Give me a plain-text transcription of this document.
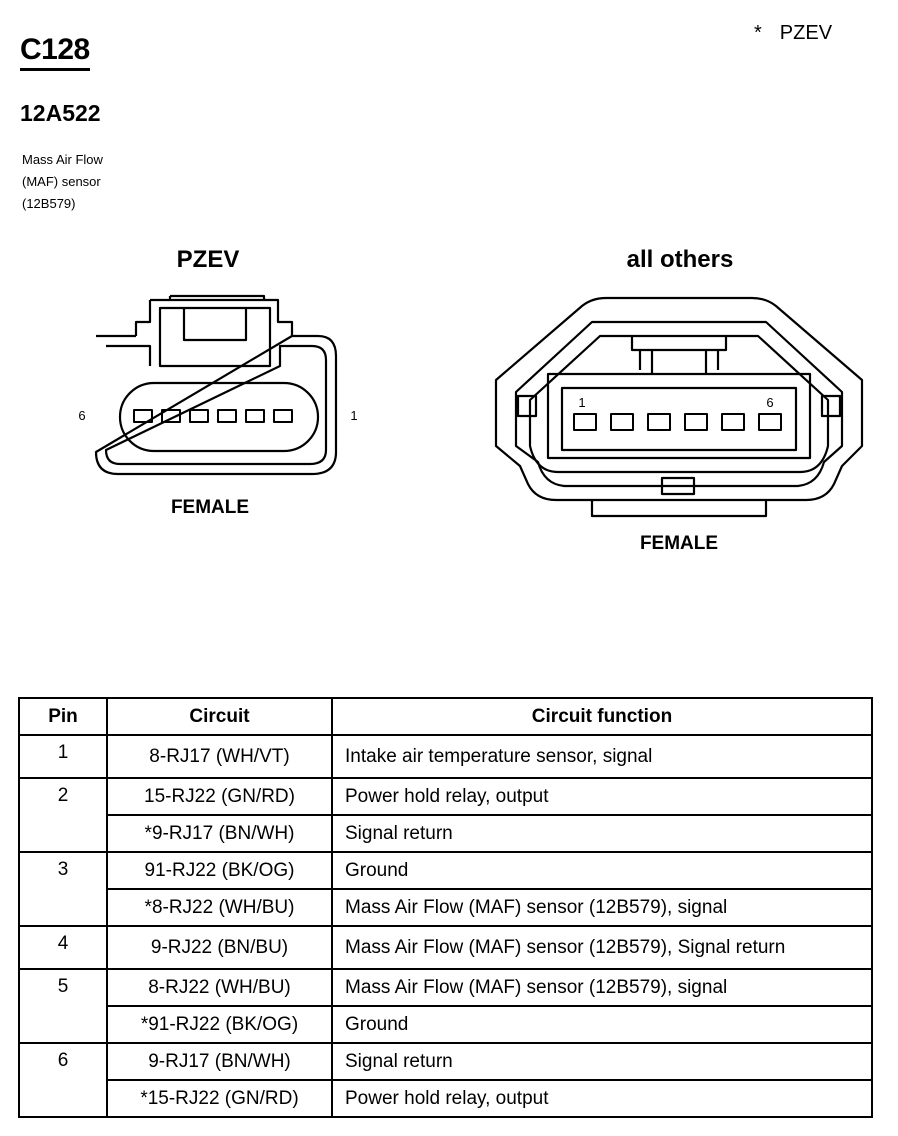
C128
12A522
Mass Air Flow
(MAF) sensor
(12B579)
* PZEV
PZEV
6	1
FEMALE
all others
1	6
FEMALE
Pin	Circuit	Circuit function
1	8-RJ17 (WH/VT)	Intake air temperature sensor, signal
2	15-RJ22 (GN/RD)	Power hold relay, output
	*9-RJ17 (BN/WH)	Signal return
3	91-RJ22 (BK/OG)	Ground
	*8-RJ22 (WH/BU)	Mass Air Flow (MAF) sensor (12B579), signal
4	9-RJ22 (BN/BU)	Mass Air Flow (MAF) sensor (12B579), Signal return
5	8-RJ22 (WH/BU)	Mass Air Flow (MAF) sensor (12B579), signal
	*91-RJ22 (BK/OG)	Ground
6	9-RJ17 (BN/WH)	Signal return
	*15-RJ22 (GN/RD)	Power hold relay, output
